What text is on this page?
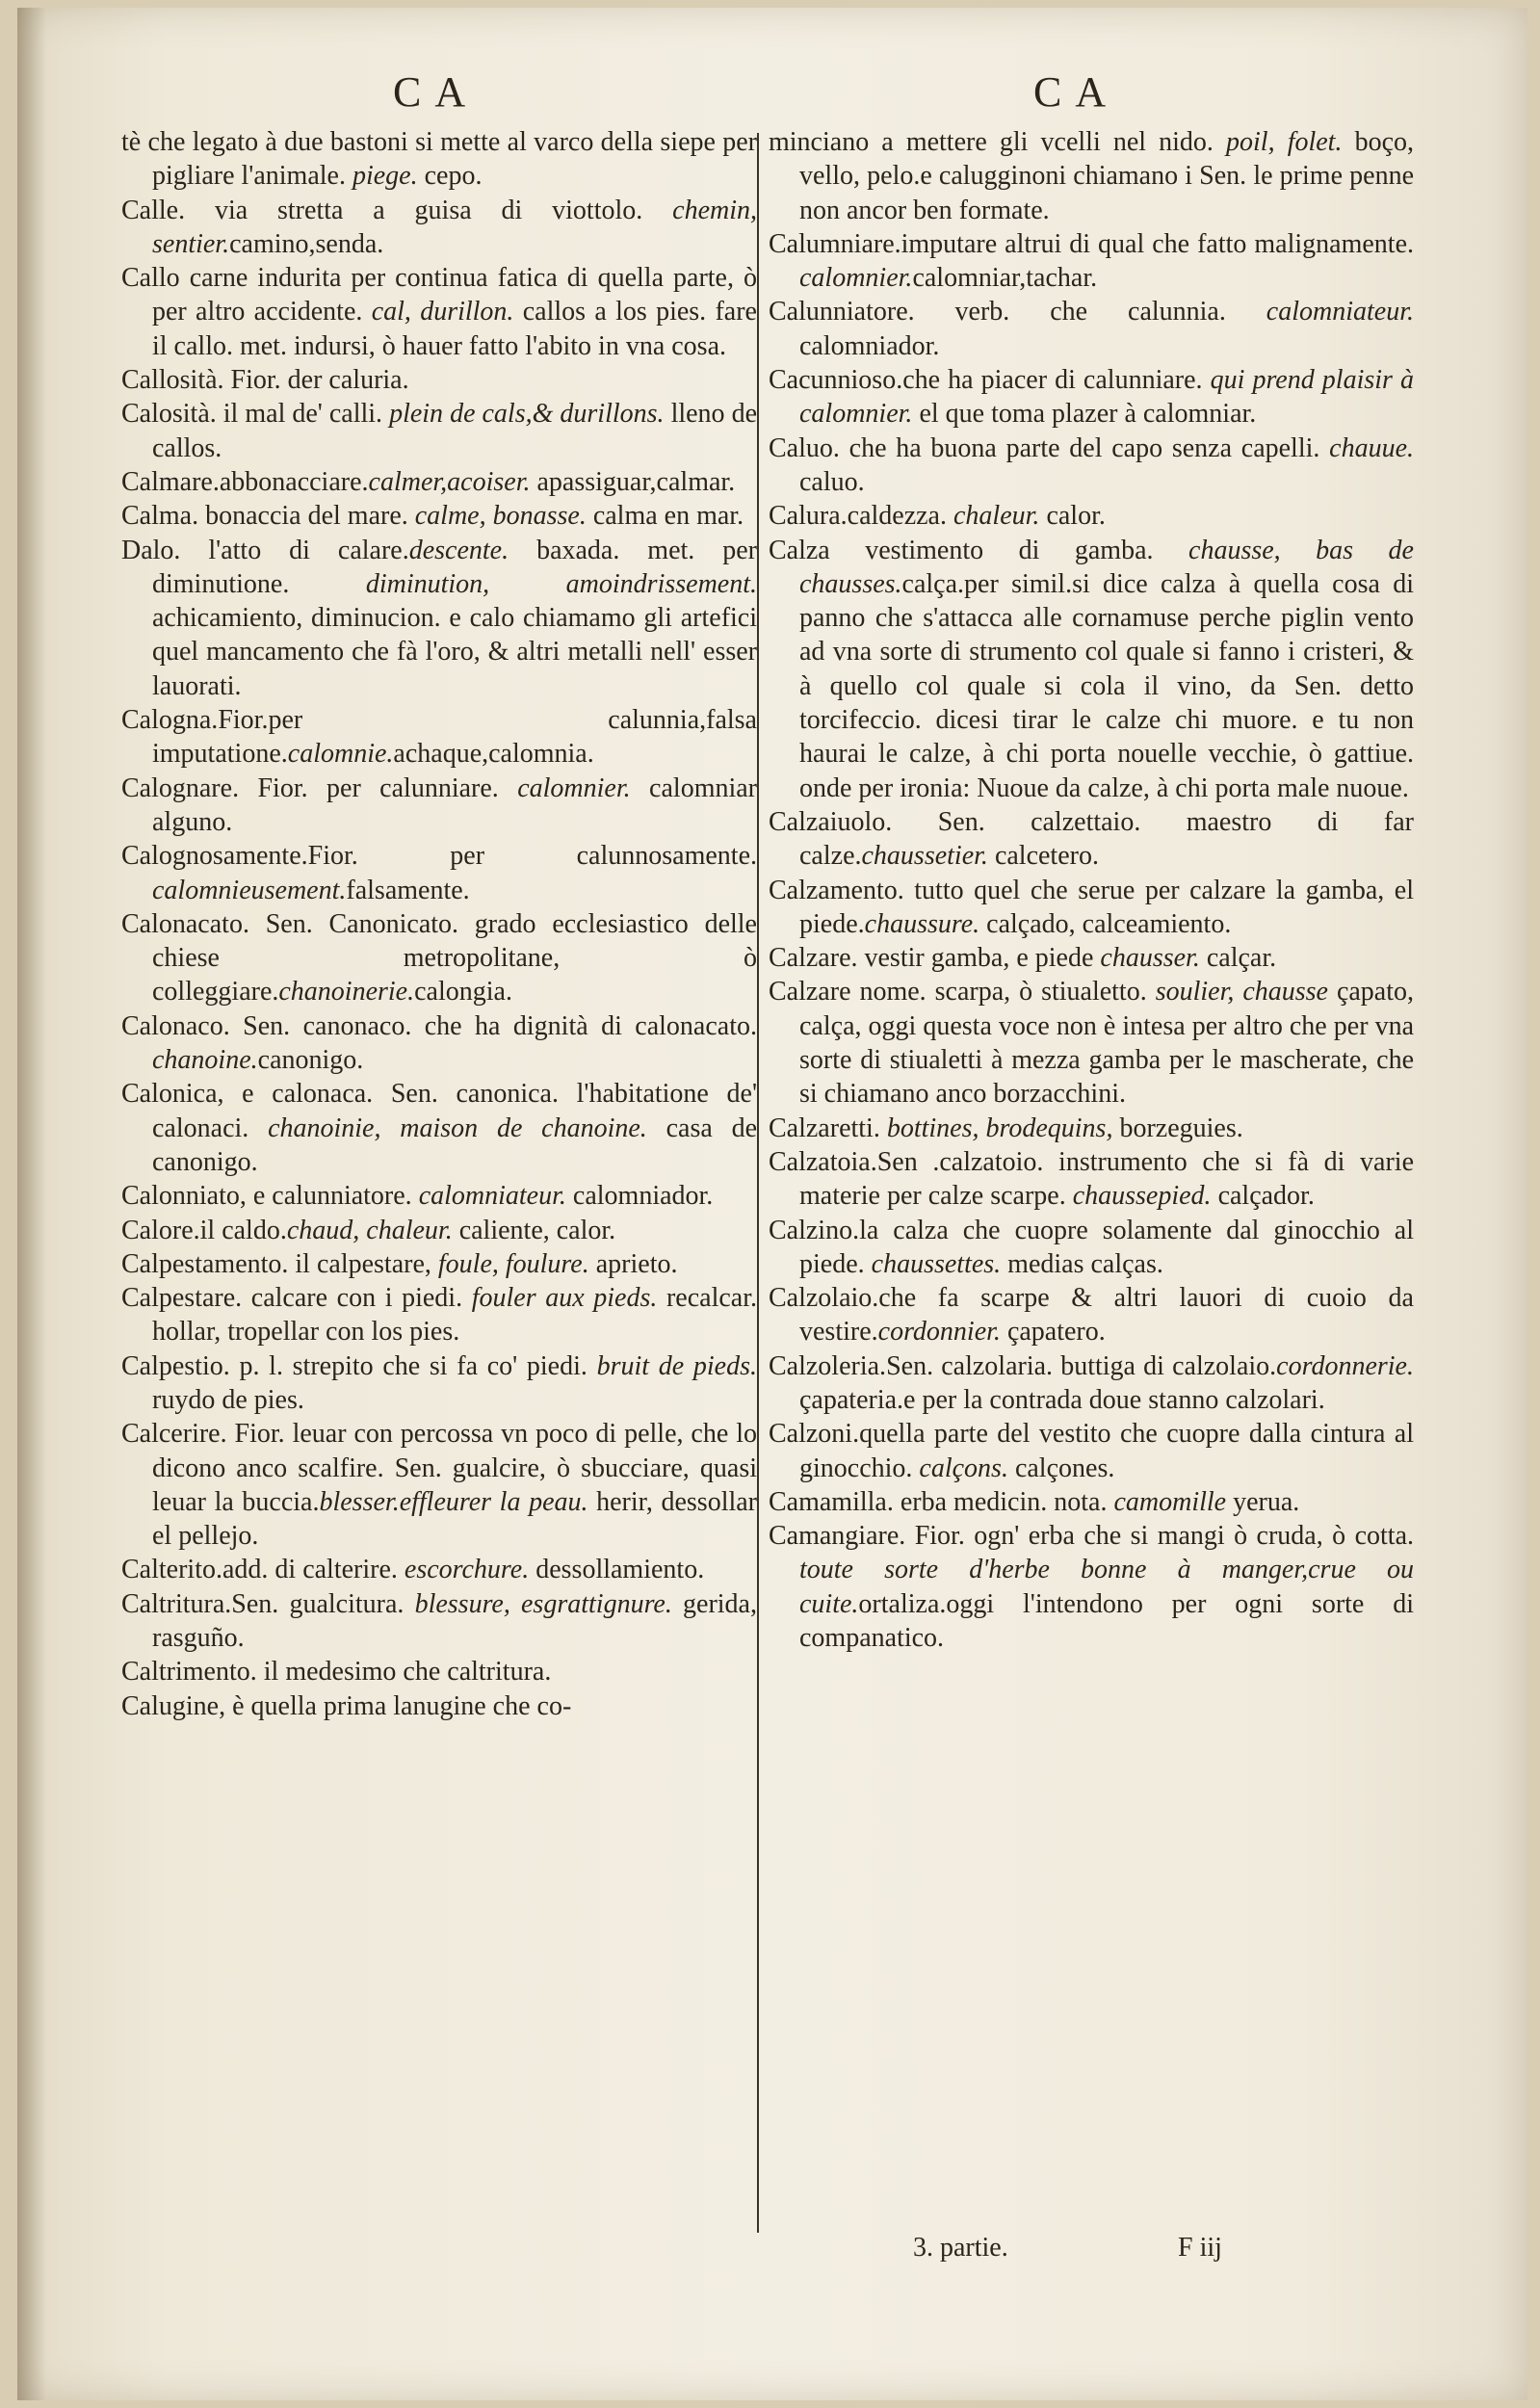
CA	CA
tè che legato à due bastoni si mette al varco della siepe per pigliare l'animale. piege. cepo.
Calle. via stretta a guisa di viottolo. chemin, sentier.camino,senda.
Callo carne indurita per continua fatica di quella parte, ò per altro accidente. cal, durillon. callos a los pies. fare il callo. met. indursi, ò hauer fatto l'abito in vna cosa.
Callosità. Fior. der caluria.
Calosità. il mal de' calli. plein de cals,& durillons. lleno de callos.
Calmare.abbonacciare.calmer,acoiser. apassiguar,calmar.
Calma. bonaccia del mare. calme, bonasse. calma en mar.
Dalo. l'atto di calare.descente. baxada. met. per diminutione. diminution, amoindrissement. achicamiento, diminucion. e calo chiamamo gli artefici quel mancamento che fà l'oro, & altri metalli nell' esser lauorati.
Calogna.Fior.per calunnia,falsa imputatione.calomnie.achaque,calomnia.
Calognare. Fior. per calunniare. calomnier. calomniar alguno.
Calognosamente.Fior. per calunnosamente. calomnieusement.falsamente.
Calonacato. Sen. Canonicato. grado ecclesiastico delle chiese metropolitane, ò colleggiare.chanoinerie.calongia.
Calonaco. Sen. canonaco. che ha dignità di calonacato. chanoine.canonigo.
Calonica, e calonaca. Sen. canonica. l'habitatione de' calonaci. chanoinie, maison de chanoine. casa de canonigo.
Calonniato, e calunniatore. calomniateur. calomniador.
Calore.il caldo.chaud, chaleur. caliente, calor.
Calpestamento. il calpestare, foule, foulure. aprieto.
Calpestare. calcare con i piedi. fouler aux pieds. recalcar. hollar, tropellar con los pies.
Calpestio. p. l. strepito che si fa co' piedi. bruit de pieds. ruydo de pies.
Calcerire. Fior. leuar con percossa vn poco di pelle, che lo dicono anco scalfire. Sen. gualcire, ò sbucciare, quasi leuar la buccia.blesser.effleurer la peau. herir, dessollar el pellejo.
Calterito.add. di calterire. escorchure. dessollamiento.
Caltritura.Sen. gualcitura. blessure, esgrattignure. gerida, rasguño.
Caltrimento. il medesimo che caltritura.
Calugine, è quella prima lanugine che co-
minciano a mettere gli vcelli nel nido. poil, folet. boço, vello, pelo.e calugginoni chiamano i Sen. le prime penne non ancor ben formate.
Calumniare.imputare altrui di qual che fatto malignamente. calomnier.calomniar,tachar.
Calunniatore. verb. che calunnia. calomniateur. calomniador.
Cacunnioso.che ha piacer di calunniare. qui prend plaisir à calomnier. el que toma plazer à calomniar.
Caluo. che ha buona parte del capo senza capelli. chauue. caluo.
Calura.caldezza. chaleur. calor.
Calza vestimento di gamba. chausse, bas de chausses.calça.per simil.si dice calza à quella cosa di panno che s'attacca alle cornamuse perche piglin vento ad vna sorte di strumento col quale si fanno i cristeri, & à quello col quale si cola il vino, da Sen. detto torcifeccio. dicesi tirar le calze chi muore. e tu non haurai le calze, à chi porta nouelle vecchie, ò gattiue. onde per ironia: Nuoue da calze, à chi porta male nuoue.
Calzaiuolo. Sen. calzettaio. maestro di far calze.chaussetier. calcetero.
Calzamento. tutto quel che serue per calzare la gamba, el piede.chaussure. calçado, calceamiento.
Calzare. vestir gamba, e piede chausser. calçar.
Calzare nome. scarpa, ò stiualetto. soulier, chausse çapato, calça, oggi questa voce non è intesa per altro che per vna sorte di stiualetti à mezza gamba per le mascherate, che si chiamano anco borzacchini.
Calzaretti. bottines, brodequins, borzeguies.
Calzatoia.Sen .calzatoio. instrumento che si fà di varie materie per calze scarpe. chaussepied. calçador.
Calzino.la calza che cuopre solamente dal ginocchio al piede. chaussettes. medias calças.
Calzolaio.che fa scarpe & altri lauori di cuoio da vestire.cordonnier. çapatero.
Calzoleria.Sen. calzolaria. buttiga di calzolaio.cordonnerie. çapateria.e per la contrada doue stanno calzolari.
Calzoni.quella parte del vestito che cuopre dalla cintura al ginocchio. calçons. calçones.
Camamilla. erba medicin. nota. camomille yerua.
Camangiare. Fior. ogn' erba che si mangi ò cruda, ò cotta. toute sorte d'herbe bonne à manger,crue ou cuite.ortaliza.oggi l'intendono per ogni sorte di companatico.
3. partie.	F iij
